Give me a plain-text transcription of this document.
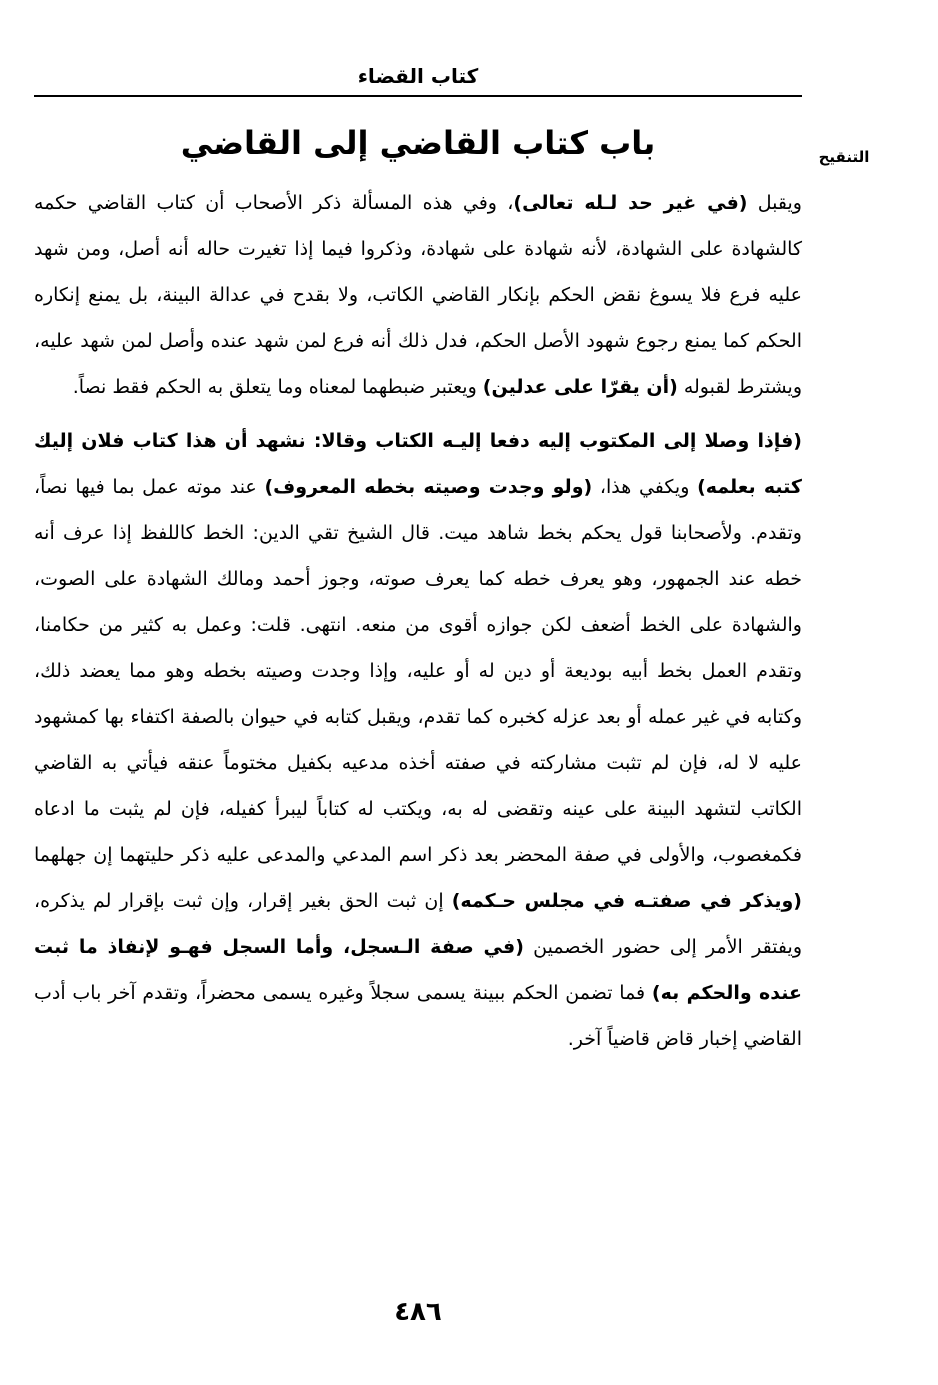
كتاب القضاء
التنقيح
باب كتاب القاضي إلى القاضي

ويقبل (في غير حد لـله تعالى)، وفي هذه المسألة ذكر الأصحاب أن كتاب القاضي حكمه كالشهادة على الشهادة، لأنه شهادة على شهادة، وذكروا فيما إذا تغيرت حاله أنه أصل، ومن شهد عليه فرع فلا يسوغ نقض الحكم بإنكار القاضي الكاتب، ولا بقدح في عدالة البينة، بل يمنع إنكاره الحكم كما يمنع رجوع شهود الأصل الحكم، فدل ذلك أنه فرع لمن شهد عنده وأصل لمن شهد عليه، ويشترط لقبوله (أن يقرّا على عدلين) ويعتبر ضبطهما لمعناه وما يتعلق به الحكم فقط نصاً.

(فإذا وصلا إلى المكتوب إليه دفعا إليـه الكتاب وقالا: نشهد أن هذا كتاب فلان إليك كتبه بعلمه) ويكفي هذا، (ولو وجدت وصيته بخطه المعروف) عند موته عمل بما فيها نصاً، وتقدم. ولأصحابنا قول يحكم بخط شاهد ميت. قال الشيخ تقي الدين: الخط كاللفظ إذا عرف أنه خطه عند الجمهور، وهو يعرف خطه كما يعرف صوته، وجوز أحمد ومالك الشهادة على الصوت، والشهادة على الخط أضعف لكن جوازه أقوى من منعه. انتهى. قلت: وعمل به كثير من حكامنا، وتقدم العمل بخط أبيه بوديعة أو دين له أو عليه، وإذا وجدت وصيته بخطه وهو مما يعضد ذلك، وكتابه في غير عمله أو بعد عزله كخبره كما تقدم، ويقبل كتابه في حيوان بالصفة اكتفاء بها كمشهود عليه لا له، فإن لم تثبت مشاركته في صفته أخذه مدعيه بكفيل مختوماً عنقه فيأتي به القاضي الكاتب لتشهد البينة على عينه وتقضى له به، ويكتب له كتاباً ليبرأ كفيله، فإن لم يثبت ما ادعاه فكمغصوب، والأولى في صفة المحضر بعد ذكر اسم المدعي والمدعى عليه ذكر حليتهما إن جهلهما (ويذكر في صفتـه في مجلس حـكمه) إن ثبت الحق بغير إقرار، وإن ثبت بإقرار لم يذكره، ويفتقر الأمر إلى حضور الخصمين (في صفة الـسجل، وأما السجل فهـو لإنفاذ ما ثبت عنده والحكم به) فما تضمن الحكم ببينة يسمى سجلاً وغيره يسمى محضراً، وتقدم آخر باب أدب القاضي إخبار قاض قاضياً آخر.

٤٨٦
